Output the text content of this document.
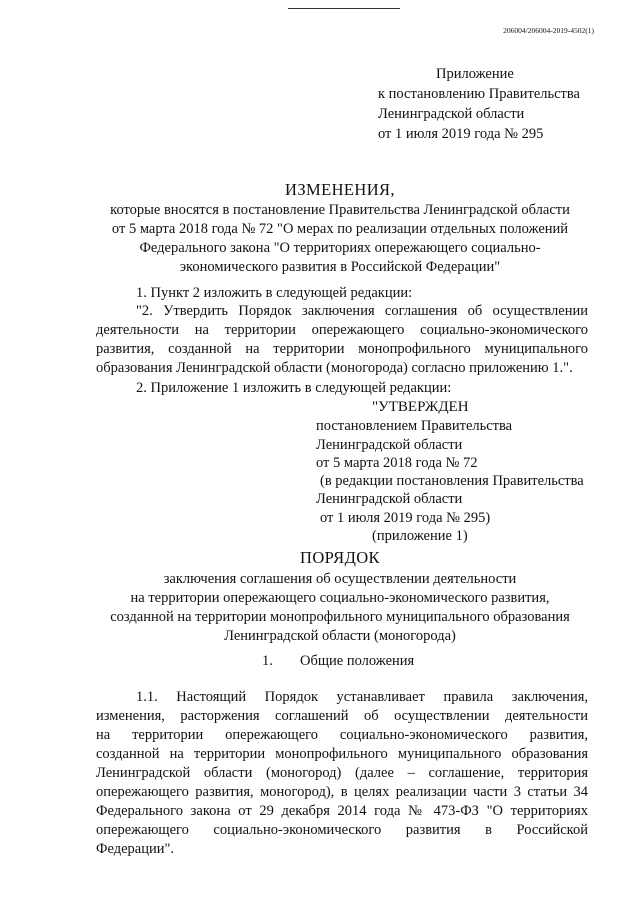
206004/206004-2019-4502(1)
Приложение
к постановлению Правительства
Ленинградской области
от 1 июля 2019 года № 295
ИЗМЕНЕНИЯ,
которые вносятся в постановление Правительства Ленинградской области
от 5 марта 2018 года № 72 "О мерах по реализации отдельных положений
Федерального закона "О территориях опережающего социально-
экономического развития в Российской Федерации"
1. Пункт 2 изложить в следующей редакции:
"2. Утвердить Порядок заключения соглашения об осуществлении
деятельности на территории опережающего социально-экономического
развития, созданной на территории монопрофильного муниципального
образования Ленинградской области (моногорода) согласно приложению 1.".
2. Приложение 1 изложить в следующей редакции:
"УТВЕРЖДЕН
постановлением Правительства
Ленинградской области
от 5 марта 2018 года № 72
(в редакции постановления Правительства
Ленинградской области
от 1 июля 2019 года № 295)
(приложение 1)
ПОРЯДОК
заключения соглашения об осуществлении деятельности
на территории опережающего социально-экономического развития,
созданной на территории монопрофильного муниципального образования
Ленинградской области (моногорода)
1. Общие положения
1.1. Настоящий Порядок устанавливает правила заключения,
изменения, расторжения соглашений об осуществлении деятельности
на территории опережающего социально-экономического развития,
созданной на территории монопрофильного муниципального образования
Ленинградской области (моногород) (далее – соглашение, территория
опережающего развития, моногород), в целях реализации части 3 статьи 34
Федерального закона от 29 декабря 2014 года № 473-ФЗ "О территориях
опережающего социально-экономического развития в Российской
Федерации".
